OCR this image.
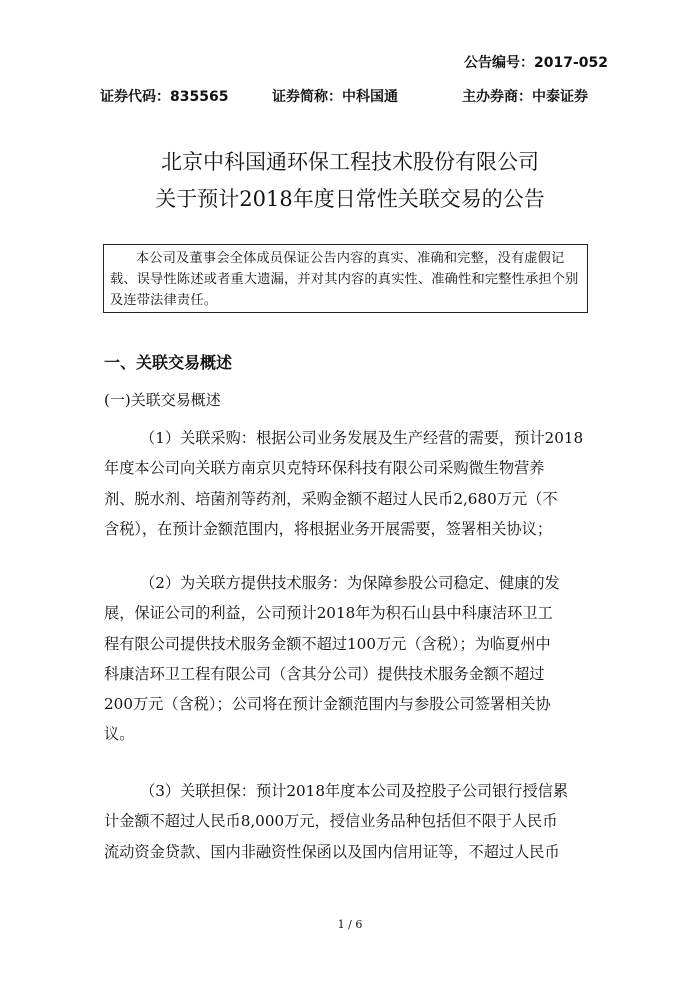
公告编号：2017-052
证券代码：835565	证券简称：中科国通	主办券商：中泰证券
北京中科国通环保工程技术股份有限公司
关于预计2018年度日常性关联交易的公告
本公司及董事会全体成员保证公告内容的真实、准确和完整，没有虚假记载、误导性陈述或者重大遗漏，并对其内容的真实性、准确性和完整性承担个别及连带法律责任。
一、关联交易概述
(一)关联交易概述
（1）关联采购：根据公司业务发展及生产经营的需要，预计2018
年度本公司向关联方南京贝克特环保科技有限公司采购微生物营养
剂、脱水剂、培菌剂等药剂，采购金额不超过人民币2,680万元（不
含税），在预计金额范围内，将根据业务开展需要，签署相关协议；
（2）为关联方提供技术服务：为保障参股公司稳定、健康的发
展，保证公司的利益，公司预计2018年为积石山县中科康洁环卫工
程有限公司提供技术服务金额不超过100万元（含税）；为临夏州中
科康洁环卫工程有限公司（含其分公司）提供技术服务金额不超过
200万元（含税）；公司将在预计金额范围内与参股公司签署相关协
议。
（3）关联担保：预计2018年度本公司及控股子公司银行授信累
计金额不超过人民币8,000万元，授信业务品种包括但不限于人民币
流动资金贷款、国内非融资性保函以及国内信用证等，不超过人民币
1 / 6
